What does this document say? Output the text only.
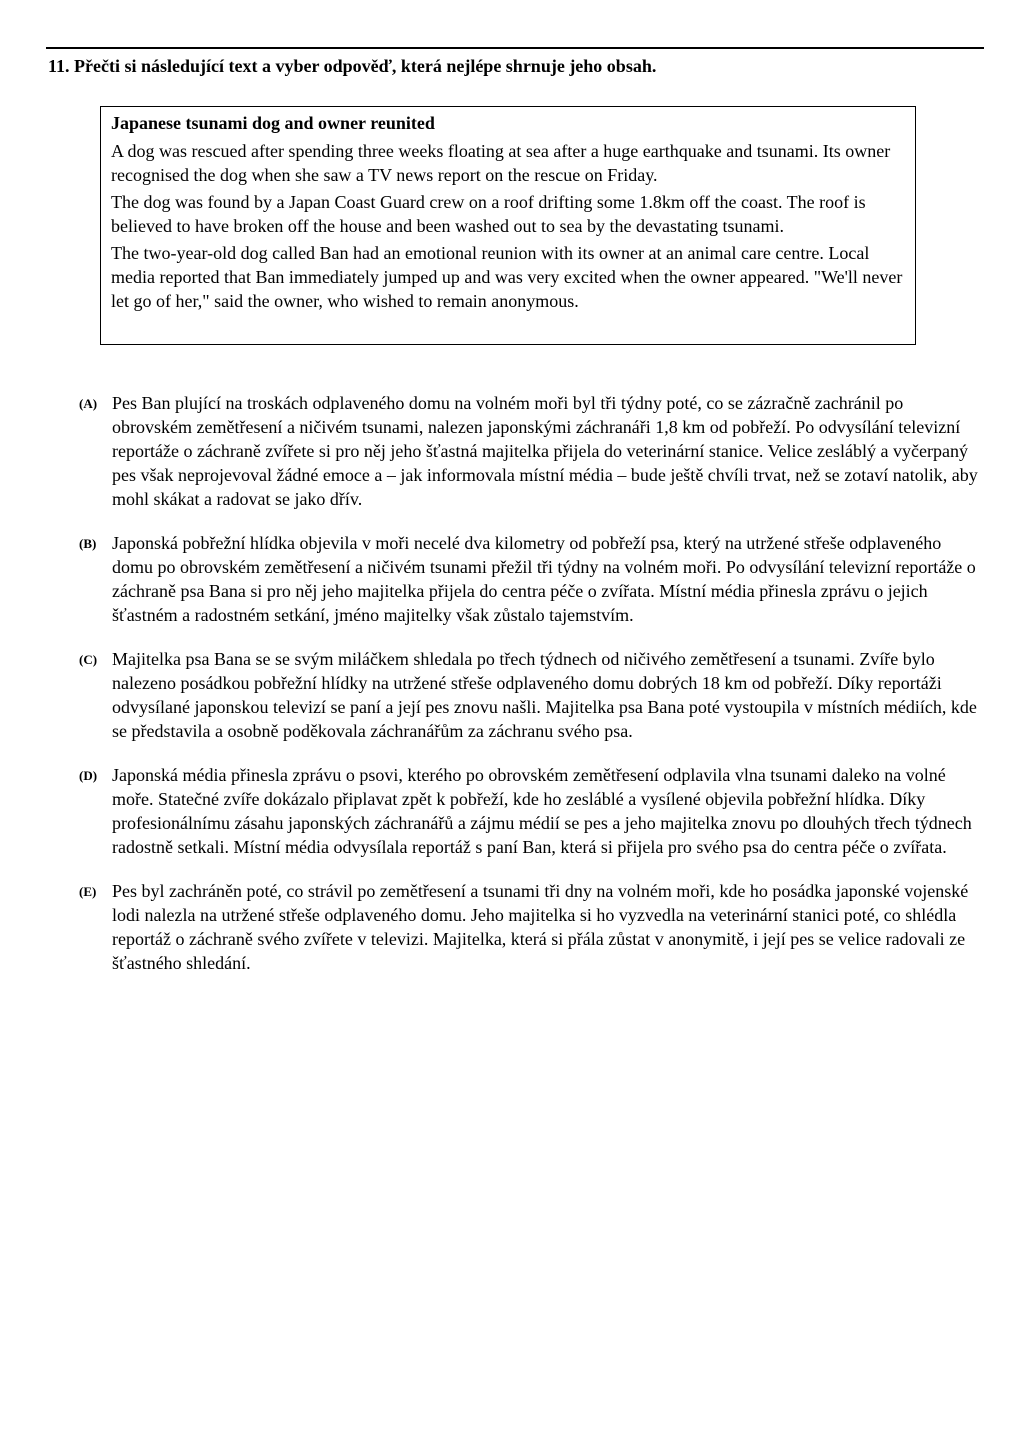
11. Přečti si následující text a vyber odpověď, která nejlépe shrnuje jeho obsah.

Japanese tsunami dog and owner reunited

A dog was rescued after spending three weeks floating at sea after a huge earthquake and tsunami. Its owner recognised the dog when she saw a TV news report on the rescue on Friday.

The dog was found by a Japan Coast Guard crew on a roof drifting some 1.8km off the coast. The roof is believed to have broken off the house and been washed out to sea by the devastating tsunami.

The two-year-old dog called Ban had an emotional reunion with its owner at an animal care centre. Local media reported that Ban immediately jumped up and was very excited when the owner appeared. "We'll never let go of her," said the owner, who wished to remain anonymous.

(A) Pes Ban plující na troskách odplaveného domu na volném moři byl tři týdny poté, co se zázračně zachránil po obrovském zemětřesení a ničivém tsunami, nalezen japonskými záchranáři 1,8 km od pobřeží. Po odvysílání televizní reportáže o záchraně zvířete si pro něj jeho šťastná majitelka přijela do veterinární stanice. Velice zesláblý a vyčerpaný pes však neprojevoval žádné emoce a – jak informovala místní média – bude ještě chvíli trvat, než se zotaví natolik, aby mohl skákat a radovat se jako dřív.
(B) Japonská pobřežní hlídka objevila v moři necelé dva kilometry od pobřeží psa, který na utržené střeše odplaveného domu po obrovském zemětřesení a ničivém tsunami přežil tři týdny na volném moři. Po odvysílání televizní reportáže o záchraně psa Bana si pro něj jeho majitelka přijela do centra péče o zvířata. Místní média přinesla zprávu o jejich šťastném a radostném setkání, jméno majitelky však zůstalo tajemstvím.
(C) Majitelka psa Bana se se svým miláčkem shledala po třech týdnech od ničivého zemětřesení a tsunami. Zvíře bylo nalezeno posádkou pobřežní hlídky na utržené střeše odplaveného domu dobrých 18 km od pobřeží. Díky reportáži odvysílané japonskou televizí se paní a její pes znovu našli. Majitelka psa Bana poté vystoupila v místních médiích, kde se představila a osobně poděkovala záchranářům za záchranu svého psa.
(D) Japonská média přinesla zprávu o psovi, kterého po obrovském zemětřesení odplavila vlna tsunami daleko na volné moře. Statečné zvíře dokázalo připlavat zpět k pobřeží, kde ho zesláblé a vysílené objevila pobřežní hlídka. Díky profesionálnímu zásahu japonských záchranářů a zájmu médií se pes a jeho majitelka znovu po dlouhých třech týdnech radostně setkali. Místní média odvysílala reportáž s paní Ban, která si přijela pro svého psa do centra péče o zvířata.
(E) Pes byl zachráněn poté, co strávil po zemětřesení a tsunami tři dny na volném moři, kde ho posádka japonské vojenské lodi nalezla na utržené střeše odplaveného domu. Jeho majitelka si ho vyzvedla na veterinární stanici poté, co shlédla reportáž o záchraně svého zvířete v televizi. Majitelka, která si přála zůstat v anonymitě, i její pes se velice radovali ze šťastného shledání.
